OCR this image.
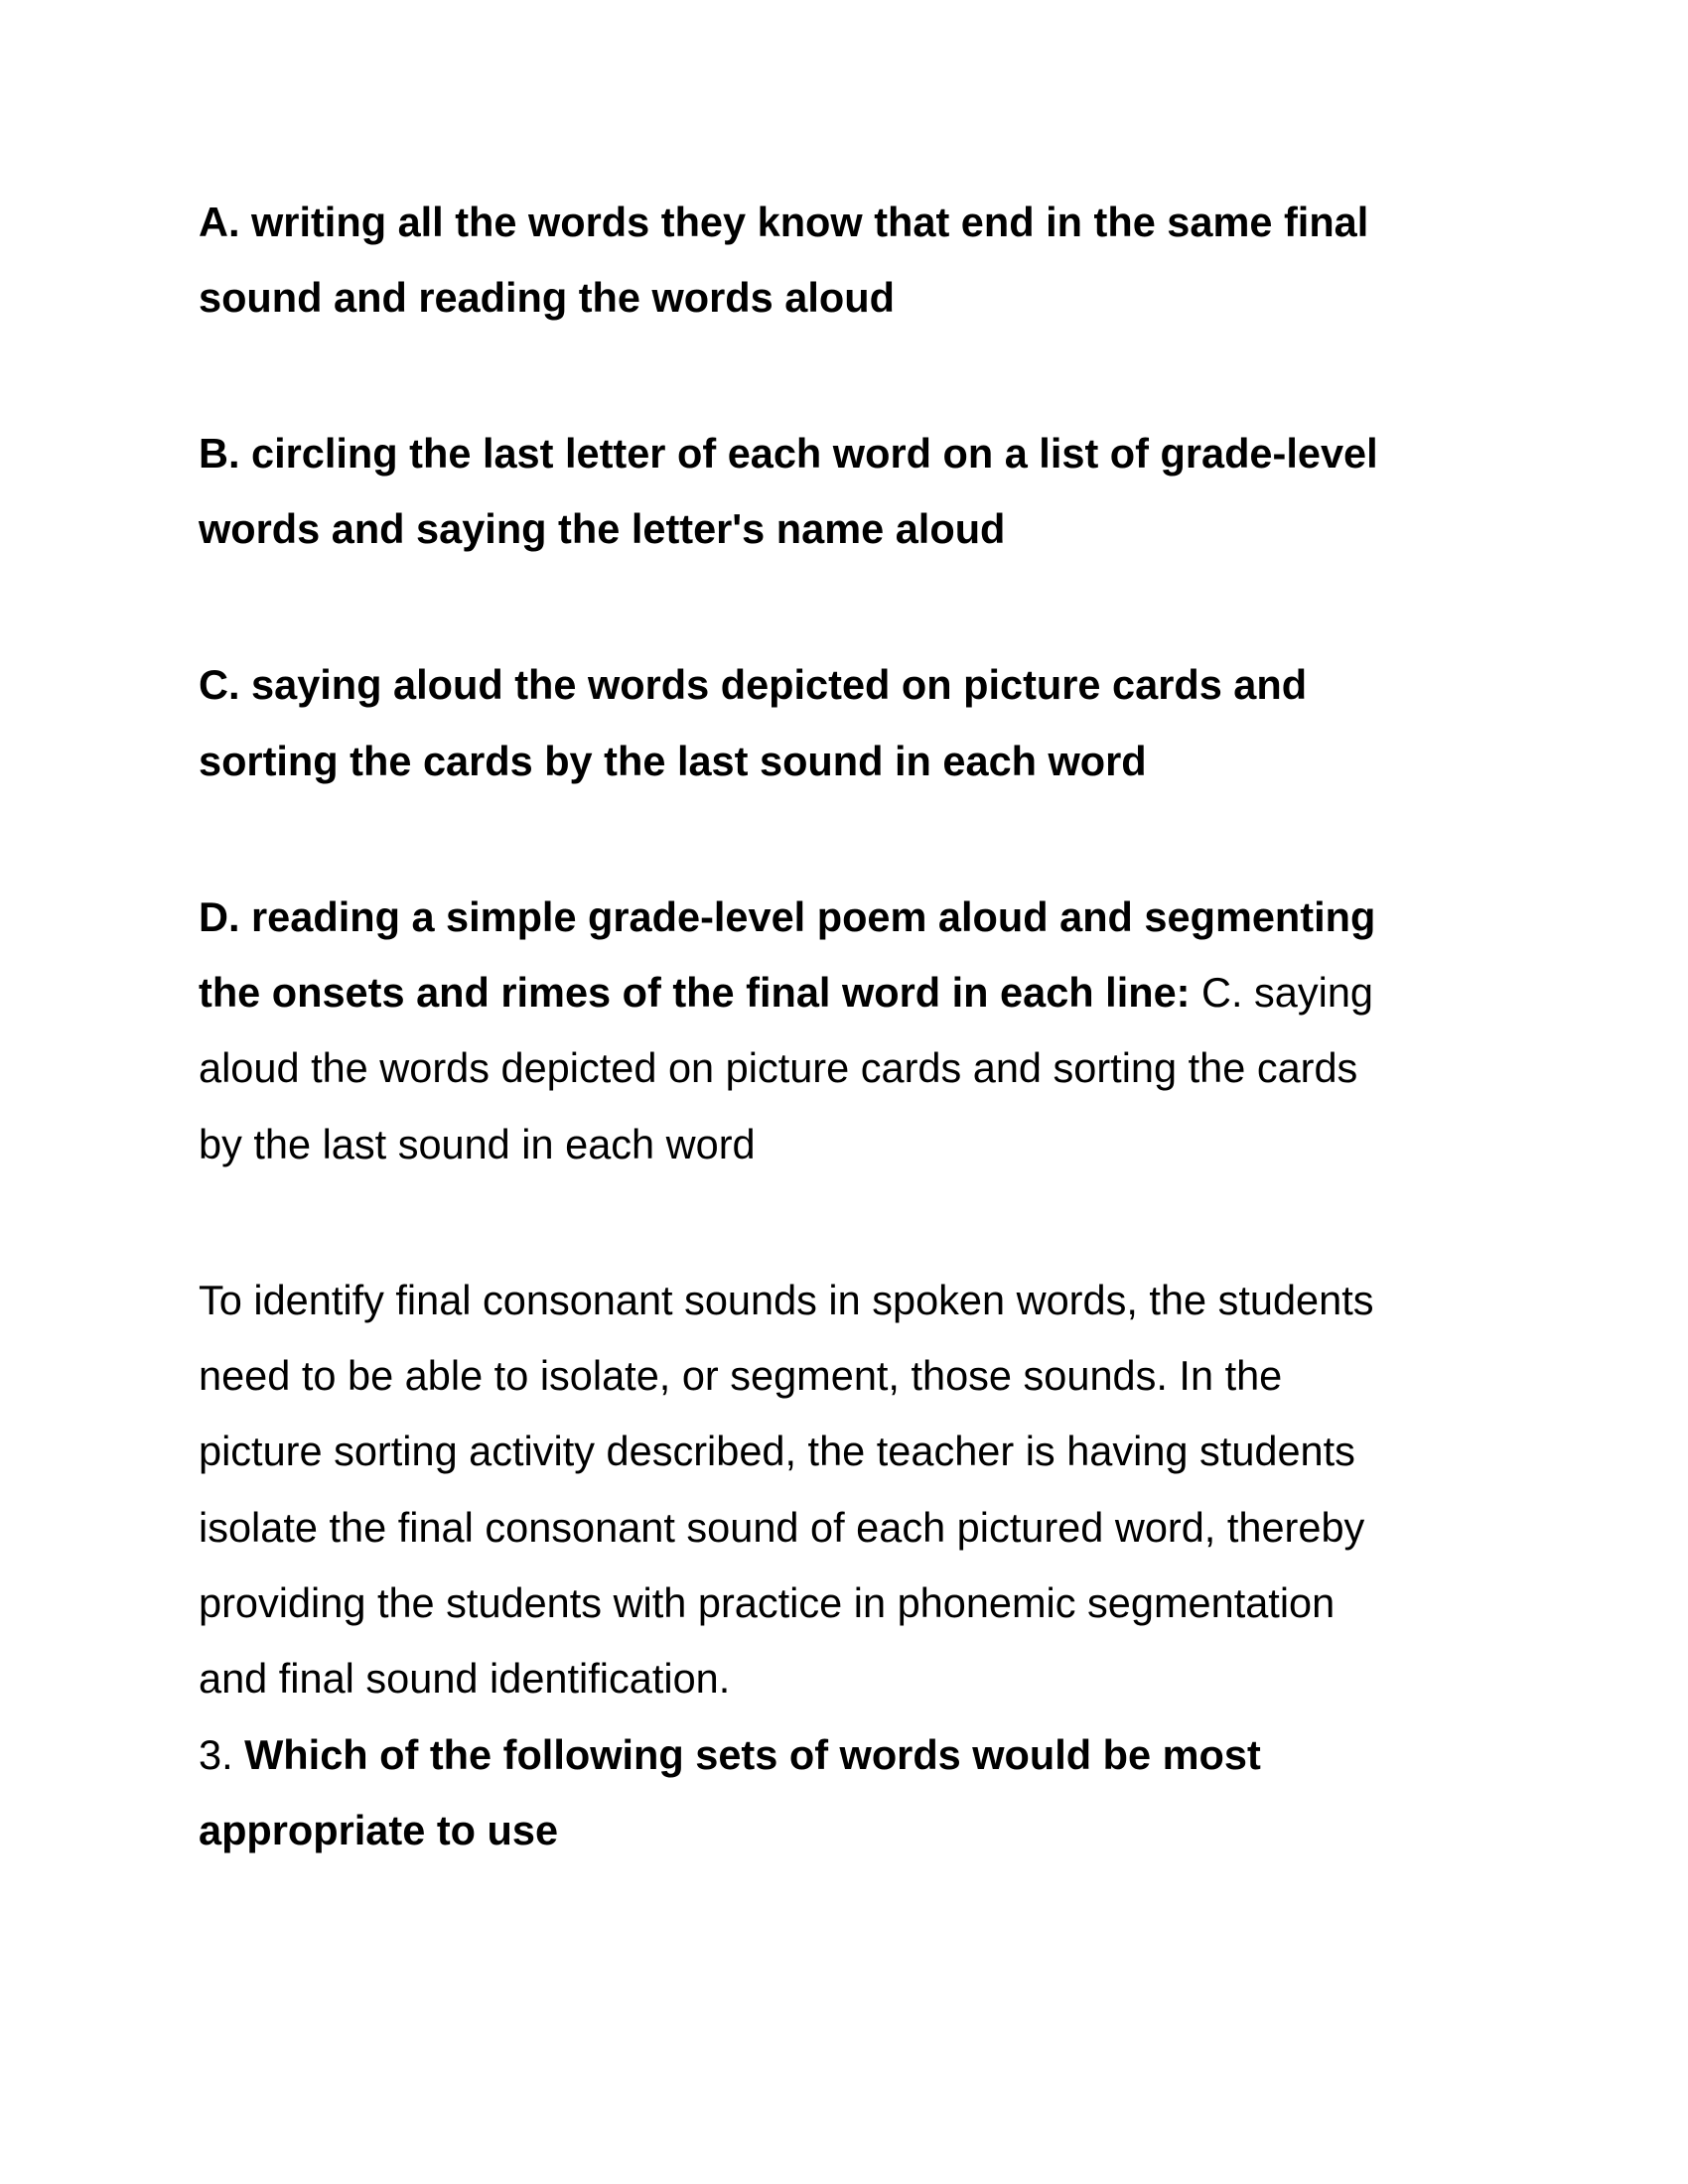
A. writing all the words they know that end in the same final
sound and reading the words aloud
B. circling the last letter of each word on a list of grade-level
words and saying the letter's name aloud
C. saying aloud the words depicted on picture cards and
sorting the cards by the last sound in each word
D. reading a simple grade-level poem aloud and segmenting
the onsets and rimes of the final word in each line: C. saying
aloud the words depicted on picture cards and sorting the cards
by the last sound in each word
To identify final consonant sounds in spoken words, the students
need to be able to isolate, or segment, those sounds. In the
picture sorting activity described, the teacher is having students
isolate the final consonant sound of each pictured word, thereby
providing the students with practice in phonemic segmentation
and final sound identification.
3. Which of the following sets of words would be most
appropriate to use
